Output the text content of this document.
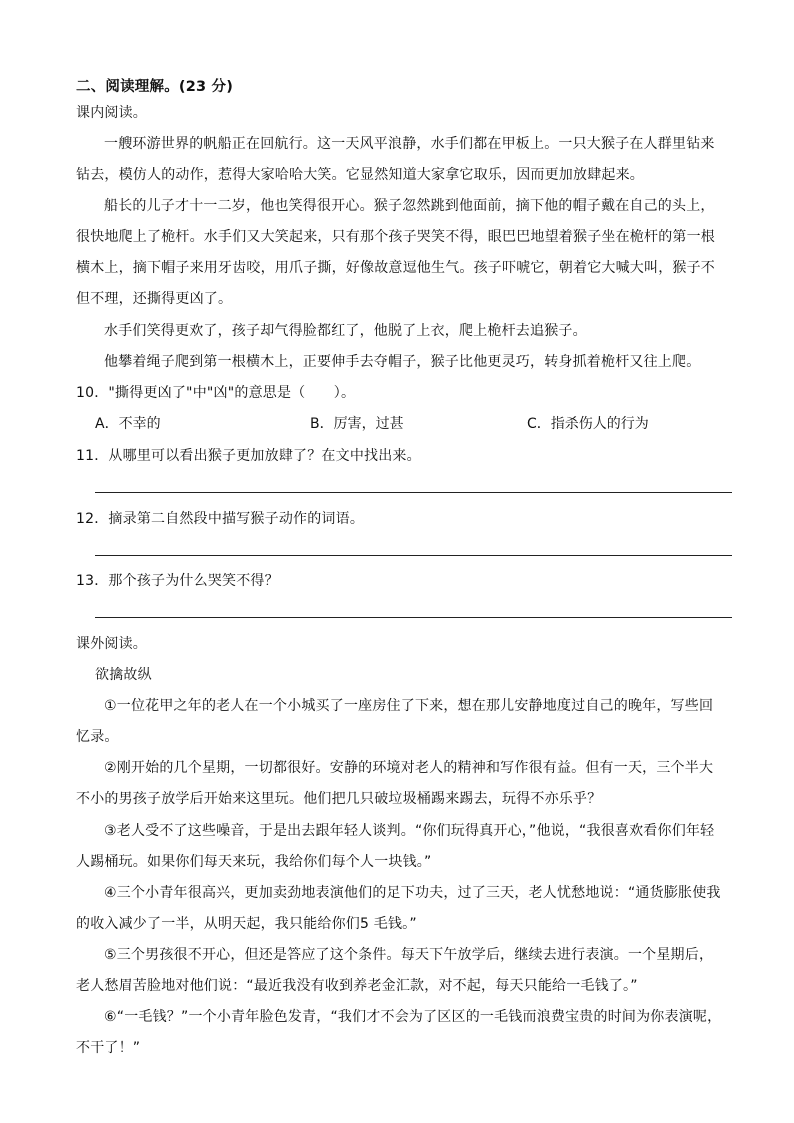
二、阅读理解。(23 分)
课内阅读。
一艘环游世界的帆船正在回航行。这一天风平浪静，水手们都在甲板上。一只大猴子在人群里钻来
钻去，模仿人的动作，惹得大家哈哈大笑。它显然知道大家拿它取乐，因而更加放肆起来。
船长的儿子才十一二岁，他也笑得很开心。猴子忽然跳到他面前，摘下他的帽子戴在自己的头上，
很快地爬上了桅杆。水手们又大笑起来，只有那个孩子哭笑不得，眼巴巴地望着猴子坐在桅杆的第一根
横木上，摘下帽子来用牙齿咬，用爪子撕，好像故意逗他生气。孩子吓唬它，朝着它大喊大叫，猴子不
但不理，还撕得更凶了。
水手们笑得更欢了，孩子却气得脸都红了，他脱了上衣，爬上桅杆去追猴子。
他攀着绳子爬到第一根横木上，正要伸手去夺帽子，猴子比他更灵巧，转身抓着桅杆又往上爬。
10．"撕得更凶了"中"凶"的意思是（　　）。
A．不幸的	B．厉害，过甚	C．指杀伤人的行为
11．从哪里可以看出猴子更加放肆了？在文中找出来。
12．摘录第二自然段中描写猴子动作的词语。
13．那个孩子为什么哭笑不得？
课外阅读。
欲擒故纵
①一位花甲之年的老人在一个小城买了一座房住了下来，想在那儿安静地度过自己的晚年，写些回
忆录。
②刚开始的几个星期，一切都很好。安静的环境对老人的精神和写作很有益。但有一天，三个半大
不小的男孩子放学后开始来这里玩。他们把几只破垃圾桶踢来踢去，玩得不亦乐乎？
③老人受不了这些噪音，于是出去跟年轻人谈判。“你们玩得真开心，”他说，“我很喜欢看你们年轻
人踢桶玩。如果你们每天来玩，我给你们每个人一块钱。”
④三个小青年很高兴，更加卖劲地表演他们的足下功夫，过了三天，老人忧愁地说：“通货膨胀使我
的收入减少了一半，从明天起，我只能给你们5 毛钱。”
⑤三个男孩很不开心，但还是答应了这个条件。每天下午放学后，继续去进行表演。一个星期后，
老人愁眉苦脸地对他们说：“最近我没有收到养老金汇款，对不起，每天只能给一毛钱了。”
⑥“一毛钱？”一个小青年脸色发青，“我们才不会为了区区的一毛钱而浪费宝贵的时间为你表演呢，
不干了！”
